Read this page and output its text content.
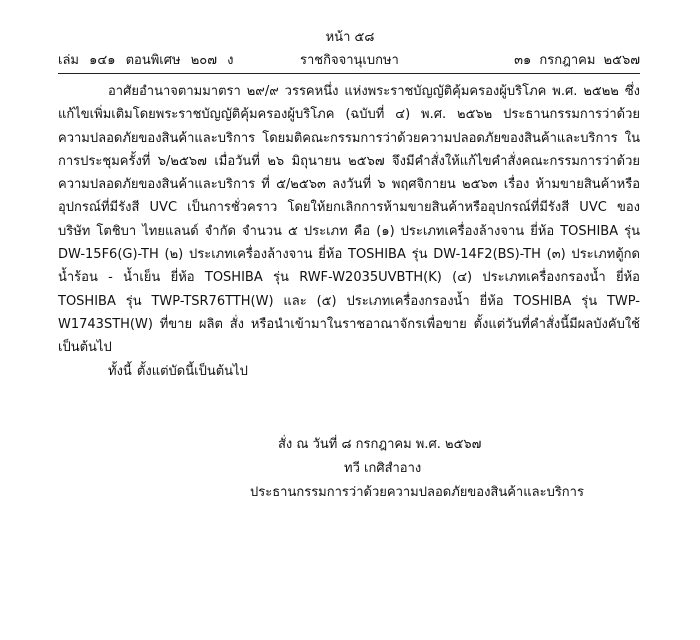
หน้า ๕๘
เล่ม ๑๔๑ ตอนพิเศษ ๒๐๗ ง	ราชกิจจานุเบกษา	๓๑ กรกฎาคม ๒๕๖๗

อาศัยอำนาจตามมาตรา ๒๙/๙ วรรคหนึ่ง แห่งพระราชบัญญัติคุ้มครองผู้บริโภค พ.ศ. ๒๕๒๒ ซึ่งแก้ไขเพิ่มเติมโดยพระราชบัญญัติคุ้มครองผู้บริโภค (ฉบับที่ ๔) พ.ศ. ๒๕๖๒ ประธานกรรมการว่าด้วยความปลอดภัยของสินค้าและบริการ โดยมติคณะกรรมการว่าด้วยความปลอดภัยของสินค้าและบริการ ในการประชุมครั้งที่ ๖/๒๕๖๗ เมื่อวันที่ ๒๖ มิถุนายน ๒๕๖๗ จึงมีคำสั่งให้แก้ไขคำสั่งคณะกรรมการว่าด้วยความปลอดภัยของสินค้าและบริการ ที่ ๕/๒๕๖๓ ลงวันที่ ๖ พฤศจิกายน ๒๕๖๓ เรื่อง ห้ามขายสินค้าหรืออุปกรณ์ที่มีรังสี UVC เป็นการชั่วคราว โดยให้ยกเลิกการห้ามขายสินค้าหรืออุปกรณ์ที่มีรังสี UVC ของบริษัท โตชิบา ไทยแลนด์ จำกัด จำนวน ๕ ประเภท คือ (๑) ประเภทเครื่องล้างจาน ยี่ห้อ TOSHIBA รุ่น DW-15F6(G)-TH (๒) ประเภทเครื่องล้างจาน ยี่ห้อ TOSHIBA รุ่น DW-14F2(BS)-TH (๓) ประเภทตู้กดน้ำร้อน - น้ำเย็น ยี่ห้อ TOSHIBA รุ่น RWF-W2035UVBTH(K) (๔) ประเภทเครื่องกรองน้ำ ยี่ห้อ TOSHIBA รุ่น TWP-TSR76TTH(W) และ (๕) ประเภทเครื่องกรองน้ำ ยี่ห้อ TOSHIBA รุ่น TWP-W1743STH(W) ที่ขาย ผลิต สั่ง หรือนำเข้ามาในราชอาณาจักรเพื่อขาย ตั้งแต่วันที่คำสั่งนี้มีผลบังคับใช้เป็นต้นไป

ทั้งนี้ ตั้งแต่บัดนี้เป็นต้นไป

สั่ง ณ วันที่ ๘ กรกฎาคม พ.ศ. ๒๕๖๗
ทวี เกศิสำอาง
ประธานกรรมการว่าด้วยความปลอดภัยของสินค้าและบริการ
